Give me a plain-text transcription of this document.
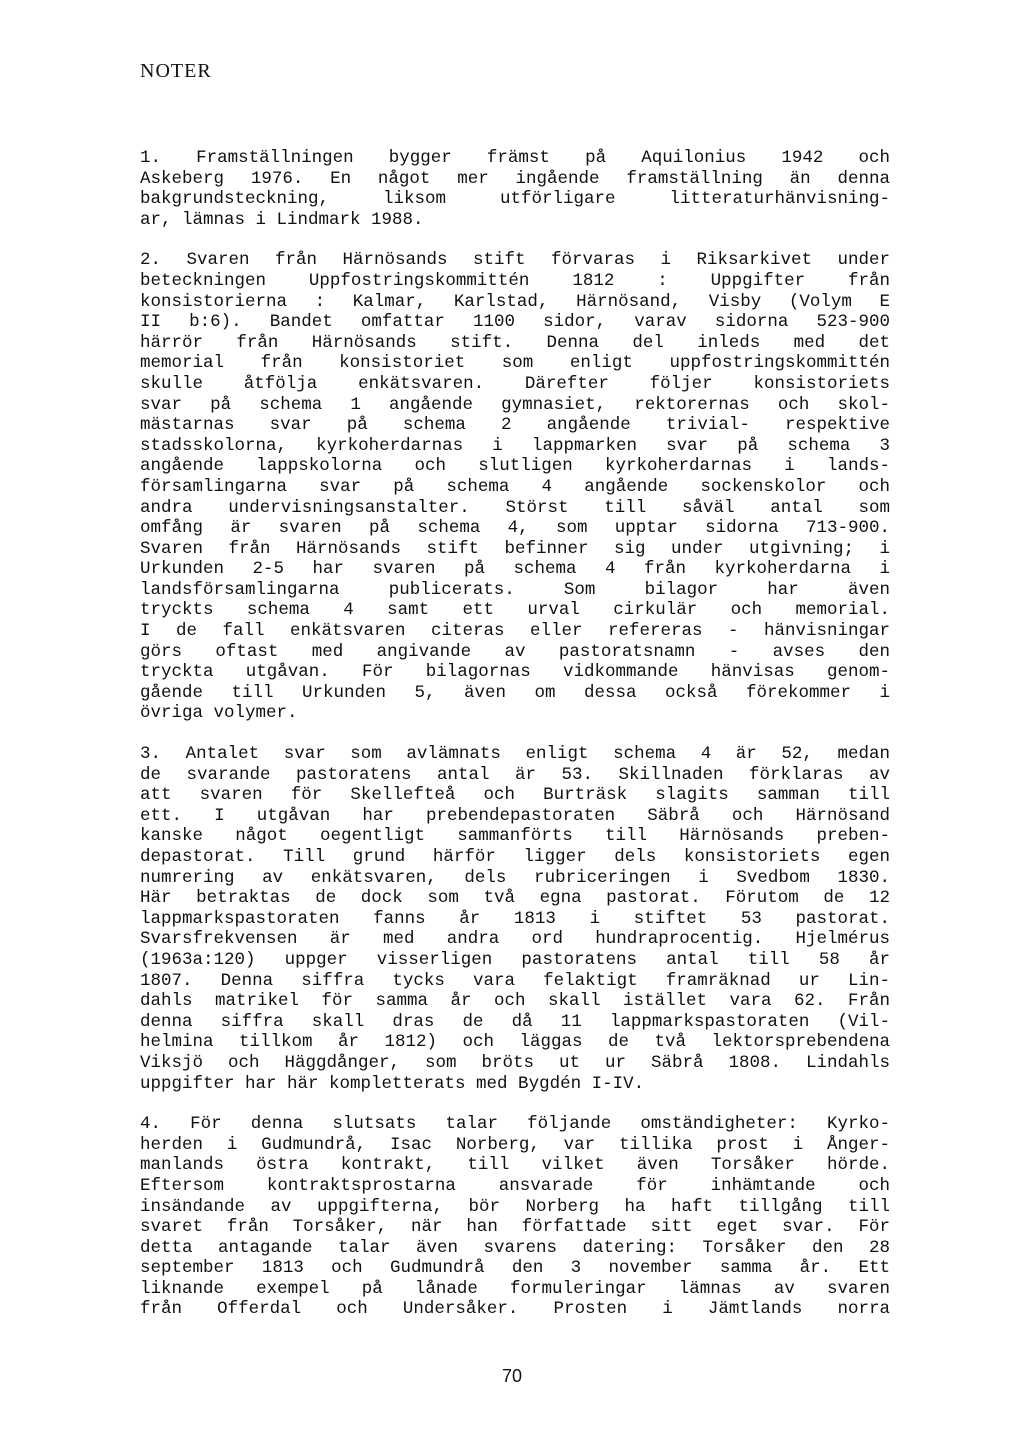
NOTER
1. Framställningen bygger främst på Aquilonius 1942 och
Askeberg 1976. En något mer ingående framställning än denna
bakgrundsteckning, liksom utförligare litteraturhänvisning-
ar, lämnas i Lindmark 1988.
2. Svaren från Härnösands stift förvaras i Riksarkivet under
beteckningen Uppfostringskommittén 1812 : Uppgifter från
konsistorierna : Kalmar, Karlstad, Härnösand, Visby (Volym E
II b:6). Bandet omfattar 1100 sidor, varav sidorna 523-900
härrör från Härnösands stift. Denna del inleds med det
memorial från konsistoriet som enligt uppfostringskommittén
skulle åtfölja enkätsvaren. Därefter följer konsistoriets
svar på schema 1 angående gymnasiet, rektorernas och skol-
mästarnas svar på schema 2 angående trivial- respektive
stadsskolorna, kyrkoherdarnas i lappmarken svar på schema 3
angående lappskolorna och slutligen kyrkoherdarnas i lands-
församlingarna svar på schema 4 angående sockenskolor och
andra undervisningsanstalter. Störst till såväl antal som
omfång är svaren på schema 4, som upptar sidorna 713-900.
Svaren från Härnösands stift befinner sig under utgivning; i
Urkunden 2-5 har svaren på schema 4 från kyrkoherdarna i
landsförsamlingarna publicerats. Som bilagor har även
tryckts schema 4 samt ett urval cirkulär och memorial.
I de fall enkätsvaren citeras eller refereras - hänvisningar
görs oftast med angivande av pastoratsnamn - avses den
tryckta utgåvan. För bilagornas vidkommande hänvisas genom-
gående till Urkunden 5, även om dessa också förekommer i
övriga volymer.
3. Antalet svar som avlämnats enligt schema 4 är 52, medan
de svarande pastoratens antal är 53. Skillnaden förklaras av
att svaren för Skellefteå och Burträsk slagits samman till
ett. I utgåvan har prebendepastoraten Säbrå och Härnösand
kanske något oegentligt sammanförts till Härnösands preben-
depastorat. Till grund härför ligger dels konsistoriets egen
numrering av enkätsvaren, dels rubriceringen i Svedbom 1830.
Här betraktas de dock som två egna pastorat. Förutom de 12
lappmarkspastoraten fanns år 1813 i stiftet 53 pastorat.
Svarsfrekvensen är med andra ord hundraprocentig. Hjelmérus
(1963a:120) uppger visserligen pastoratens antal till 58 år
1807. Denna siffra tycks vara felaktigt framräknad ur Lin-
dahls matrikel för samma år och skall istället vara 62. Från
denna siffra skall dras de då 11 lappmarkspastoraten (Vil-
helmina tillkom år 1812) och läggas de två lektorsprebendena
Viksjö och Häggdånger, som bröts ut ur Säbrå 1808. Lindahls
uppgifter har här kompletterats med Bygdén I-IV.
4. För denna slutsats talar följande omständigheter: Kyrko-
herden i Gudmundrå, Isac Norberg, var tillika prost i Ånger-
manlands östra kontrakt, till vilket även Torsåker hörde.
Eftersom kontraktsprostarna ansvarade för inhämtande och
insändande av uppgifterna, bör Norberg ha haft tillgång till
svaret från Torsåker, när han författade sitt eget svar. För
detta antagande talar även svarens datering: Torsåker den 28
september 1813 och Gudmundrå den 3 november samma år. Ett
liknande exempel på lånade formuleringar lämnas av svaren
från Offerdal och Undersåker. Prosten i Jämtlands norra
70
